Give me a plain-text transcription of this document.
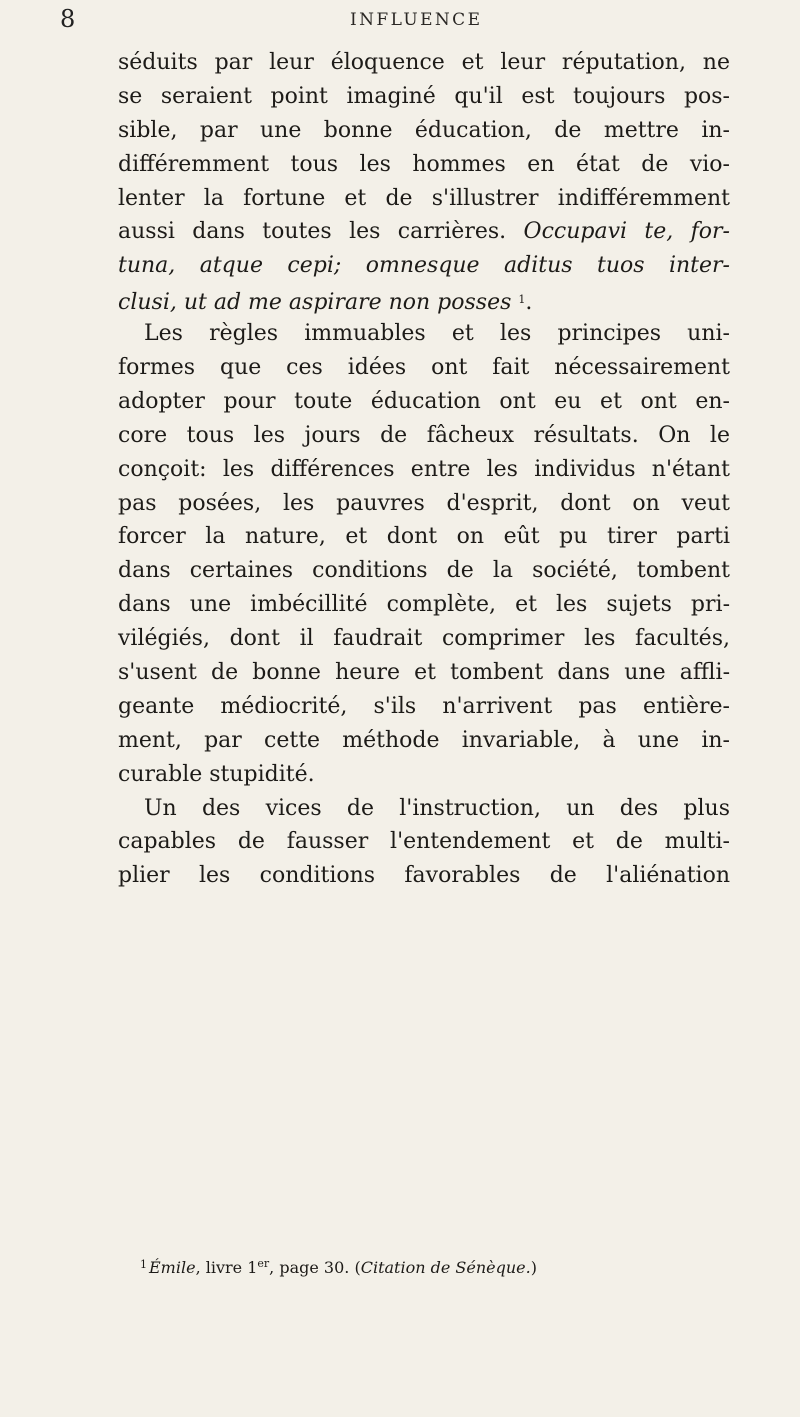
8	INFLUENCE
séduits par leur éloquence et leur réputation, ne
se seraient point imaginé qu'il est toujours pos-
sible, par une bonne éducation, de mettre in-
différemment tous les hommes en état de vio-
lenter la fortune et de s'illustrer indifféremment
aussi dans toutes les carrières. Occupavi te, for-
tuna, atque cepi; omnesque aditus tuos inter-
clusi, ut ad me aspirare non posses $^1$.
Les règles immuables et les principes uni-
formes que ces idées ont fait nécessairement
adopter pour toute éducation ont eu et ont en-
core tous les jours de fâcheux résultats. On le
conçoit: les différences entre les individus n'étant
pas posées, les pauvres d'esprit, dont on veut
forcer la nature, et dont on eût pu tirer parti
dans certaines conditions de la société, tombent
dans une imbécillité complète, et les sujets pri-
vilégiés, dont il faudrait comprimer les facultés,
s'usent de bonne heure et tombent dans une affli-
geante médiocrité, s'ils n'arrivent pas entière-
ment, par cette méthode invariable, à une in-
curable stupidité.
Un des vices de l'instruction, un des plus
capables de fausser l'entendement et de multi-
plier les conditions favorables de l'aliénation
$^1$ Émile, livre 1er, page 30. (Citation de Sénèque.)
